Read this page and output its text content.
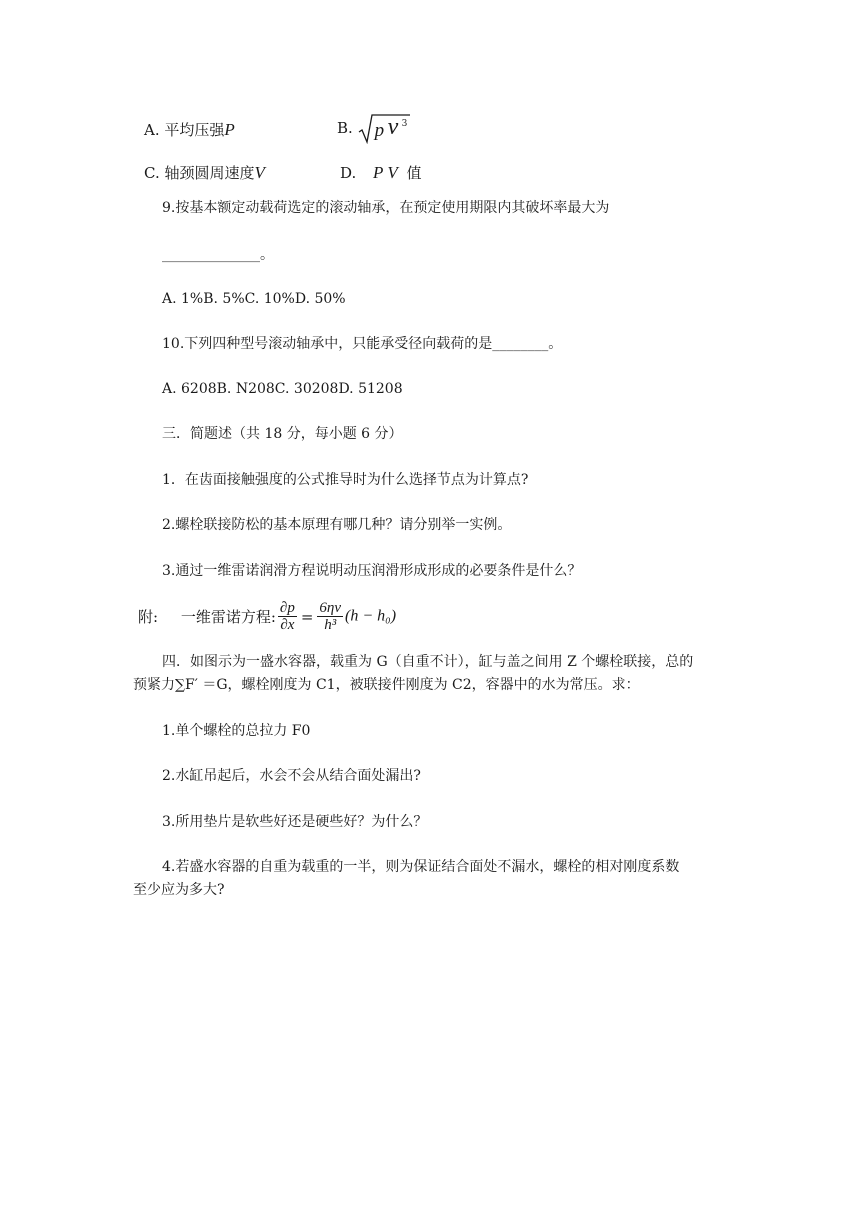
A. 平均压强P	B. p v 3
C. 轴颈圆周速度V	D. P V 值
9.按基本额定动载荷选定的滚动轴承，在预定使用期限内其破坏率最大为
______________。
A. 1%B. 5%C. 10%D. 50%
10.下列四种型号滚动轴承中，只能承受径向载荷的是________。
A. 6208B. N208C. 30208D. 51208
三．简题述（共 18 分，每小题 6 分）
1．在齿面接触强度的公式推导时为什么选择节点为计算点?
2.螺栓联接防松的基本原理有哪几种？请分别举一实例。
3.通过一维雷诺润滑方程说明动压润滑形成形成的必要条件是什么？
附: 一维雷诺方程: $\frac{\partial p}{\partial x} = \frac{6\eta v}{\text{h³}} (h - h_0)$
四．如图示为一盛水容器，载重为 G（自重不计），缸与盖之间用 Z 个螺栓联接，总的
预紧力∑F′ ＝G，螺栓刚度为 C1，被联接件刚度为 C2，容器中的水为常压。求：
1.单个螺栓的总拉力 F0
2.水缸吊起后，水会不会从结合面处漏出?
3.所用垫片是软些好还是硬些好？为什么？
4.若盛水容器的自重为载重的一半，则为保证结合面处不漏水，螺栓的相对刚度系数
至少应为多大?
